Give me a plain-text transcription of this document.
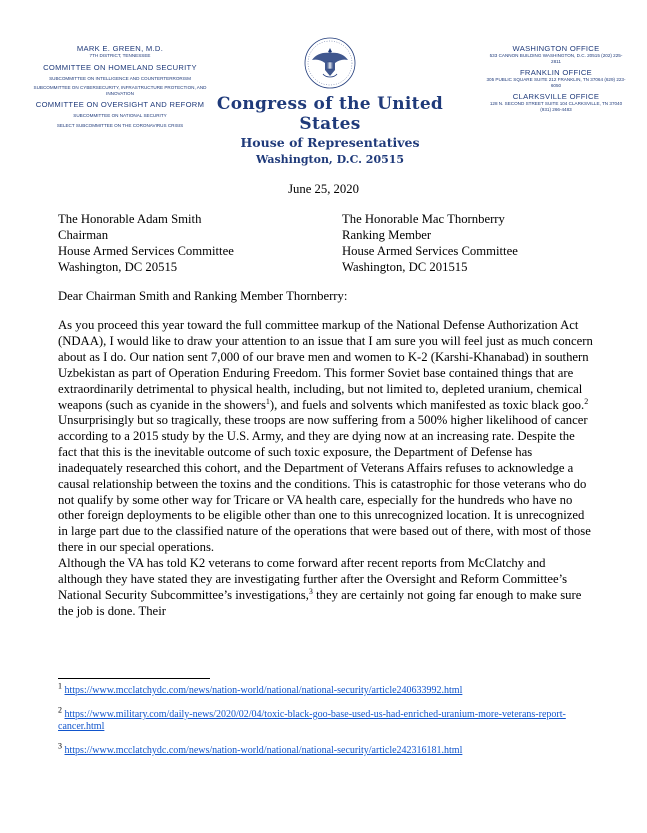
MARK E. GREEN, M.D.
7TH DISTRICT, TENNESSEE
COMMITTEE ON HOMELAND SECURITY
SUBCOMMITTEE ON INTELLIGENCE AND COUNTERTERRORISM
SUBCOMMITTEE ON CYBERSECURITY, INFRASTRUCTURE PROTECTION, AND INNOVATION
COMMITTEE ON OVERSIGHT AND REFORM
SUBCOMMITTEE ON NATIONAL SECURITY
SELECT SUBCOMMITTEE ON THE CORONAVIRUS CRISIS
Congress of the United States
House of Representatives
Washington, D.C. 20515
WASHINGTON OFFICE
533 CANNON BUILDING WASHINGTON, D.C. 20515 (202) 225-2811
FRANKLIN OFFICE
305 PUBLIC SQUARE SUITE 212 FRANKLIN, TN 37064 (629) 223-6050
CLARKSVILLE OFFICE
128 N. SECOND STREET SUITE 104 CLARKSVILLE, TN 37040 (931) 266-4483
June 25, 2020
The Honorable Adam Smith
Chairman
House Armed Services Committee
Washington, DC 20515
The Honorable Mac Thornberry
Ranking Member
House Armed Services Committee
Washington, DC 201515
Dear Chairman Smith and Ranking Member Thornberry:
As you proceed this year toward the full committee markup of the National Defense Authorization Act (NDAA), I would like to draw your attention to an issue that I am sure you will feel just as much concern about as I do. Our nation sent 7,000 of our brave men and women to K-2 (Karshi-Khanabad) in southern Uzbekistan as part of Operation Enduring Freedom. This former Soviet base contained things that are extraordinarily detrimental to physical health, including, but not limited to, depleted uranium, chemical weapons (such as cyanide in the showers$^1$), and fuels and solvents which manifested as toxic black goo.$^2$
Unsurprisingly but so tragically, these troops are now suffering from a 500% higher likelihood of cancer according to a 2015 study by the U.S. Army, and they are dying now at an increasing rate. Despite the fact that this is the inevitable outcome of such toxic exposure, the Department of Defense has inadequately researched this cohort, and the Department of Veterans Affairs refuses to acknowledge a causal relationship between the toxins and the conditions. This is catastrophic for those veterans who do not qualify by some other way for Tricare or VA health care, especially for the hundreds who have no other foreign deployments to be eligible other than one to this unrecognized location. It is unrecognized in large part due to the classified nature of the operations that were based out of there, with most of those there in our special operations.
Although the VA has told K2 veterans to come forward after recent reports from McClatchy and although they have stated they are investigating further after the Oversight and Reform Committee’s National Security Subcommittee’s investigations,$^3$ they are certainly not going far enough to make sure the job is done. Their
$^1$ https://www.mcclatchydc.com/news/nation-world/national/national-security/article240633992.html
$^2$ https://www.military.com/daily-news/2020/02/04/toxic-black-goo-base-used-us-had-enriched-uranium-more-veterans-report-cancer.html
$^3$ https://www.mcclatchydc.com/news/nation-world/national/national-security/article242316181.html
